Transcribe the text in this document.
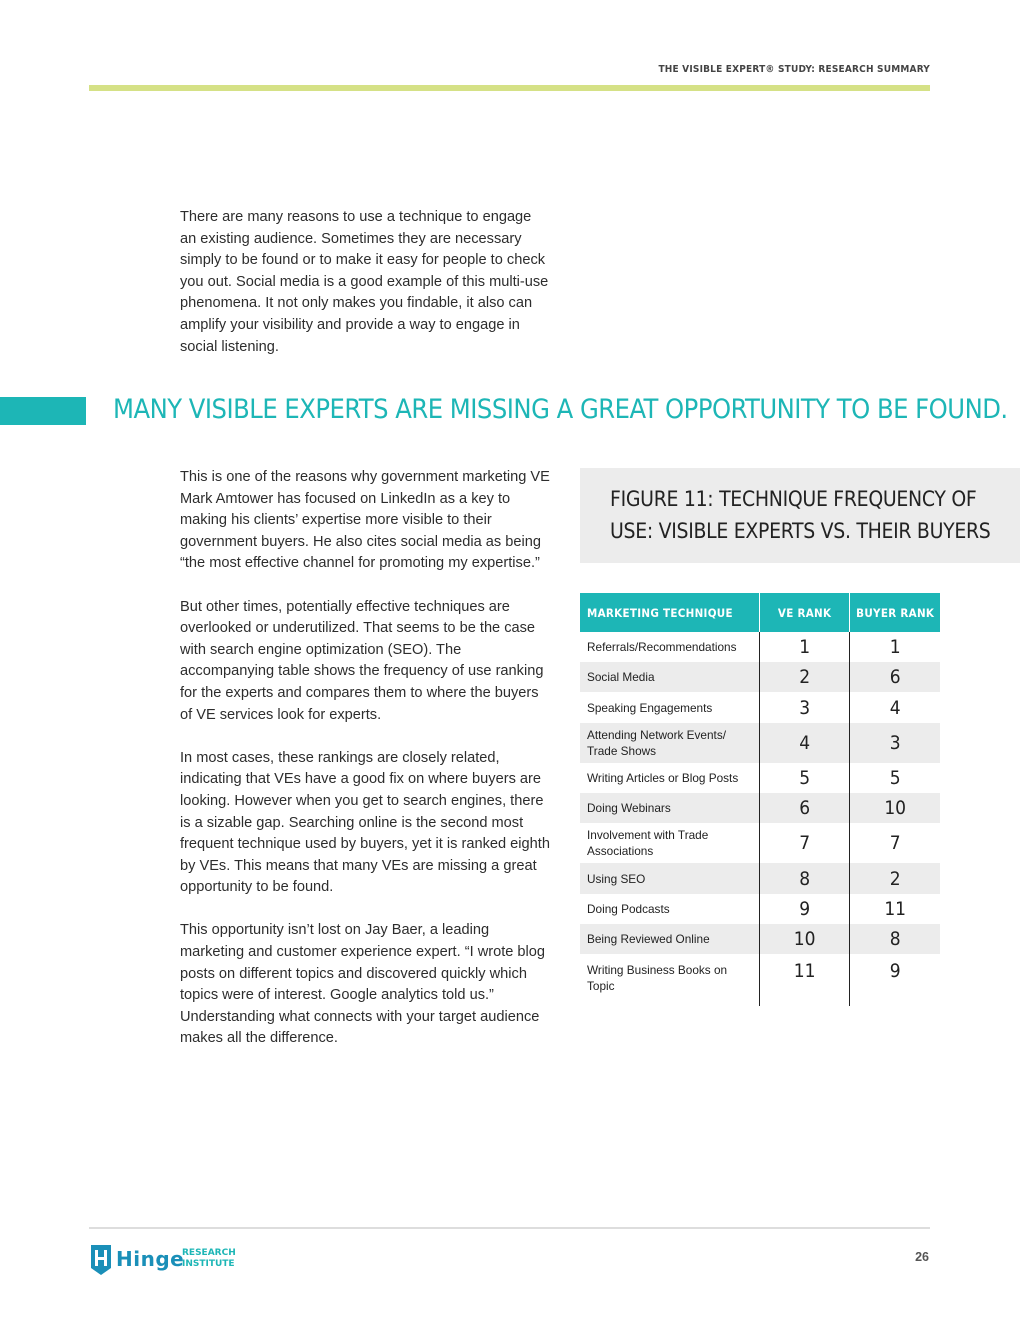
THE VISIBLE EXPERT® STUDY: RESEARCH SUMMARY

There are many reasons to use a technique to engage an existing audience. Sometimes they are necessary simply to be found or to make it easy for people to check you out. Social media is a good example of this multi-use phenomena. It not only makes you findable, it also can amplify your visibility and provide a way to engage in social listening.

MANY VISIBLE EXPERTS ARE MISSING A GREAT OPPORTUNITY TO BE FOUND.

This is one of the reasons why government marketing VE Mark Amtower has focused on LinkedIn as a key to making his clients’ expertise more visible to their government buyers. He also cites social media as being “the most effective channel for promoting my expertise.”

But other times, potentially effective techniques are overlooked or underutilized. That seems to be the case with search engine optimization (SEO). The accompanying table shows the frequency of use ranking for the experts and compares them to where the buyers of VE services look for experts.

In most cases, these rankings are closely related, indicating that VEs have a good fix on where buyers are looking. However when you get to search engines, there is a sizable gap. Searching online is the second most frequent technique used by buyers, yet it is ranked eighth by VEs. This means that many VEs are missing a great opportunity to be found.

This opportunity isn’t lost on Jay Baer, a leading marketing and customer experience expert. “I wrote blog posts on different topics and discovered quickly which topics were of interest. Google analytics told us.” Understanding what connects with your target audience makes all the difference.

FIGURE 11: TECHNIQUE FREQUENCY OF USE: VISIBLE EXPERTS VS. THEIR BUYERS
MARKETING TECHNIQUE	VE RANK	BUYER RANK
Referrals/Recommendations	1	1
Social Media	2	6
Speaking Engagements	3	4
Attending Network Events/ Trade Shows	4	3
Writing Articles or Blog Posts	5	5
Doing Webinars	6	10
Involvement with Trade Associations	7	7
Using SEO	8	2
Doing Podcasts	9	11
Being Reviewed Online	10	8
Writing Business Books on Topic	11	9
Hinge
RESEARCH
INSTITUTE	26
